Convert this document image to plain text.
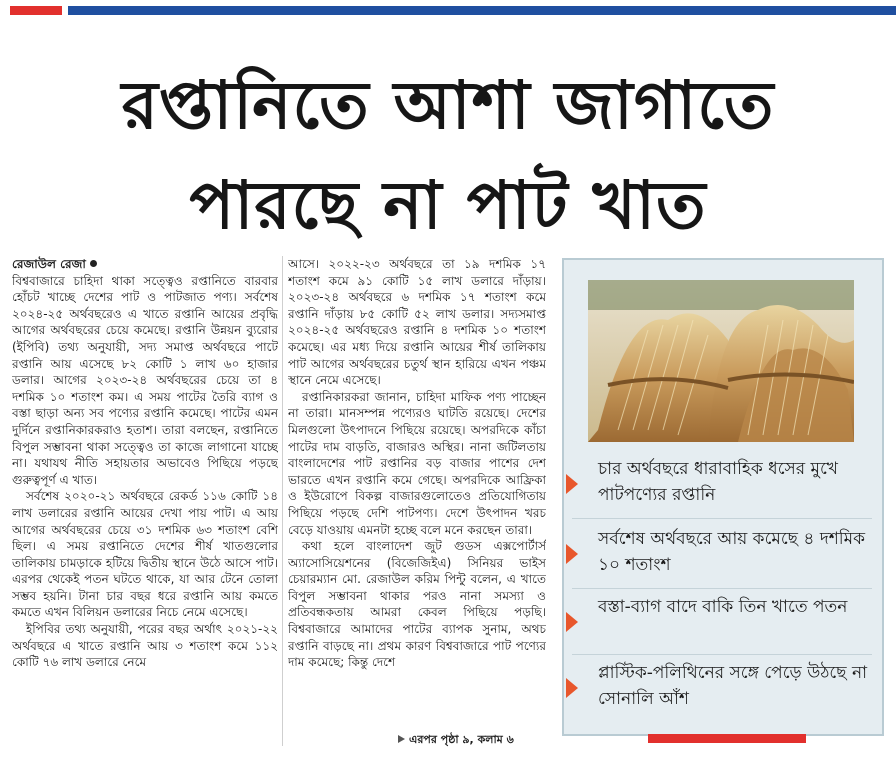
রপ্তানিতে আশা জাগাতে
পারছে না পাট খাত

রেজাউল রেজা

বিশ্ববাজারে চাহিদা থাকা সত্ত্বেও রপ্তানিতে বারবার হোঁচট খাচ্ছে দেশের পাট ও পাটজাত পণ্য। সর্বশেষ ২০২৪-২৫ অর্থবছরেও এ খাতে রপ্তানি আয়ের প্রবৃদ্ধি আগের অর্থবছরের চেয়ে কমেছে। রপ্তানি উন্নয়ন ব্যুরোর (ইপিবি) তথ্য অনুযায়ী, সদ্য সমাপ্ত অর্থবছরে পাটে রপ্তানি আয় এসেছে ৮২ কোটি ১ লাখ ৬০ হাজার ডলার। আগের ২০২৩-২৪ অর্থবছরের চেয়ে তা ৪ দশমিক ১০ শতাংশ কম। এ সময় পাটের তৈরি ব্যাগ ও বস্তা ছাড়া অন্য সব পণ্যের রপ্তানি কমেছে। পাটের এমন দুর্দিনে রপ্তানিকারকরাও হতাশ। তারা বলছেন, রপ্তানিতে বিপুল সম্ভাবনা থাকা সত্ত্বেও তা কাজে লাগানো যাচ্ছে না। যথাযথ নীতি সহায়তার অভাবেও পিছিয়ে পড়ছে গুরুত্বপূর্ণ এ খাত।

সর্বশেষ ২০২০-২১ অর্থবছরে রেকর্ড ১১৬ কোটি ১৪ লাখ ডলারের রপ্তানি আয়ের দেখা পায় পাট। এ আয় আগের অর্থবছরের চেয়ে ৩১ দশমিক ৬৩ শতাংশ বেশি ছিল। এ সময় রপ্তানিতে দেশের শীর্ষ খাতগুলোর তালিকায় চামড়াকে হটিয়ে দ্বিতীয় স্থানে উঠে আসে পাট। এরপর থেকেই পতন ঘটতে থাকে, যা আর টেনে তোলা সম্ভব হয়নি। টানা চার বছর ধরে রপ্তানি আয় কমতে কমতে এখন বিলিয়ন ডলারের নিচে নেমে এসেছে।

ইপিবির তথ্য অনুযায়ী, পরের বছর অর্থাৎ ২০২১-২২ অর্থবছরে এ খাতে রপ্তানি আয় ৩ শতাংশ কমে ১১২ কোটি ৭৬ লাখ ডলারে নেমে

আসে। ২০২২-২৩ অর্থবছরে তা ১৯ দশমিক ১৭ শতাংশ কমে ৯১ কোটি ১৫ লাখ ডলারে দাঁড়ায়। ২০২৩-২৪ অর্থবছরে ৬ দশমিক ১৭ শতাংশ কমে রপ্তানি দাঁড়ায় ৮৫ কোটি ৫২ লাখ ডলার। সদ্যসমাপ্ত ২০২৪-২৫ অর্থবছরেও রপ্তানি ৪ দশমিক ১০ শতাংশ কমেছে। এর মধ্য দিয়ে রপ্তানি আয়ের শীর্ষ তালিকায় পাট আগের অর্থবছরের চতুর্থ স্থান হারিয়ে এখন পঞ্চম স্থানে নেমে এসেছে।

রপ্তানিকারকরা জানান, চাহিদা মাফিক পণ্য পাচ্ছেন না তারা। মানসম্পন্ন পণ্যেরও ঘাটতি রয়েছে। দেশের মিলগুলো উৎপাদনে পিছিয়ে রয়েছে। অপরদিকে কাঁচা পাটের দাম বাড়তি, বাজারও অস্থির। নানা জটিলতায় বাংলাদেশের পাট রপ্তানির বড় বাজার পাশের দেশ ভারতে এখন রপ্তানি কমে গেছে। অপরদিকে আফ্রিকা ও ইউরোপে বিকল্প বাজারগুলোতেও প্রতিযোগিতায় পিছিয়ে পড়ছে দেশি পাটপণ্য। দেশে উৎপাদন খরচ বেড়ে যাওয়ায় এমনটা হচ্ছে বলে মনে করছেন তারা।

কথা হলে বাংলাদেশ জুট গুডস এক্সপোর্টার্স অ্যাসোসিয়েশনের (বিজেজিইএ) সিনিয়র ভাইস চেয়ারম্যান মো. রেজাউল করিম পিন্টু বলেন, এ খাতে বিপুল সম্ভাবনা থাকার পরও নানা সমস্যা ও প্রতিবন্ধকতায় আমরা কেবল পিছিয়ে পড়ছি। বিশ্ববাজারে আমাদের পাটের ব্যাপক সুনাম, অথচ রপ্তানি বাড়ছে না। প্রথম কারণ বিশ্ববাজারে পাট পণ্যের দাম কমেছে; কিন্তু দেশে

এরপর পৃষ্ঠা ৯, কলাম ৬
চার অর্থবছরে ধারাবাহিক ধসের মুখে পাটপণ্যের রপ্তানি
সর্বশেষ অর্থবছরে আয় কমেছে ৪ দশমিক ১০ শতাংশ
বস্তা-ব্যাগ বাদে বাকি তিন খাতে পতন
প্লাস্টিক-পলিথিনের সঙ্গে পেড়ে উঠছে না সোনালি আঁশ
